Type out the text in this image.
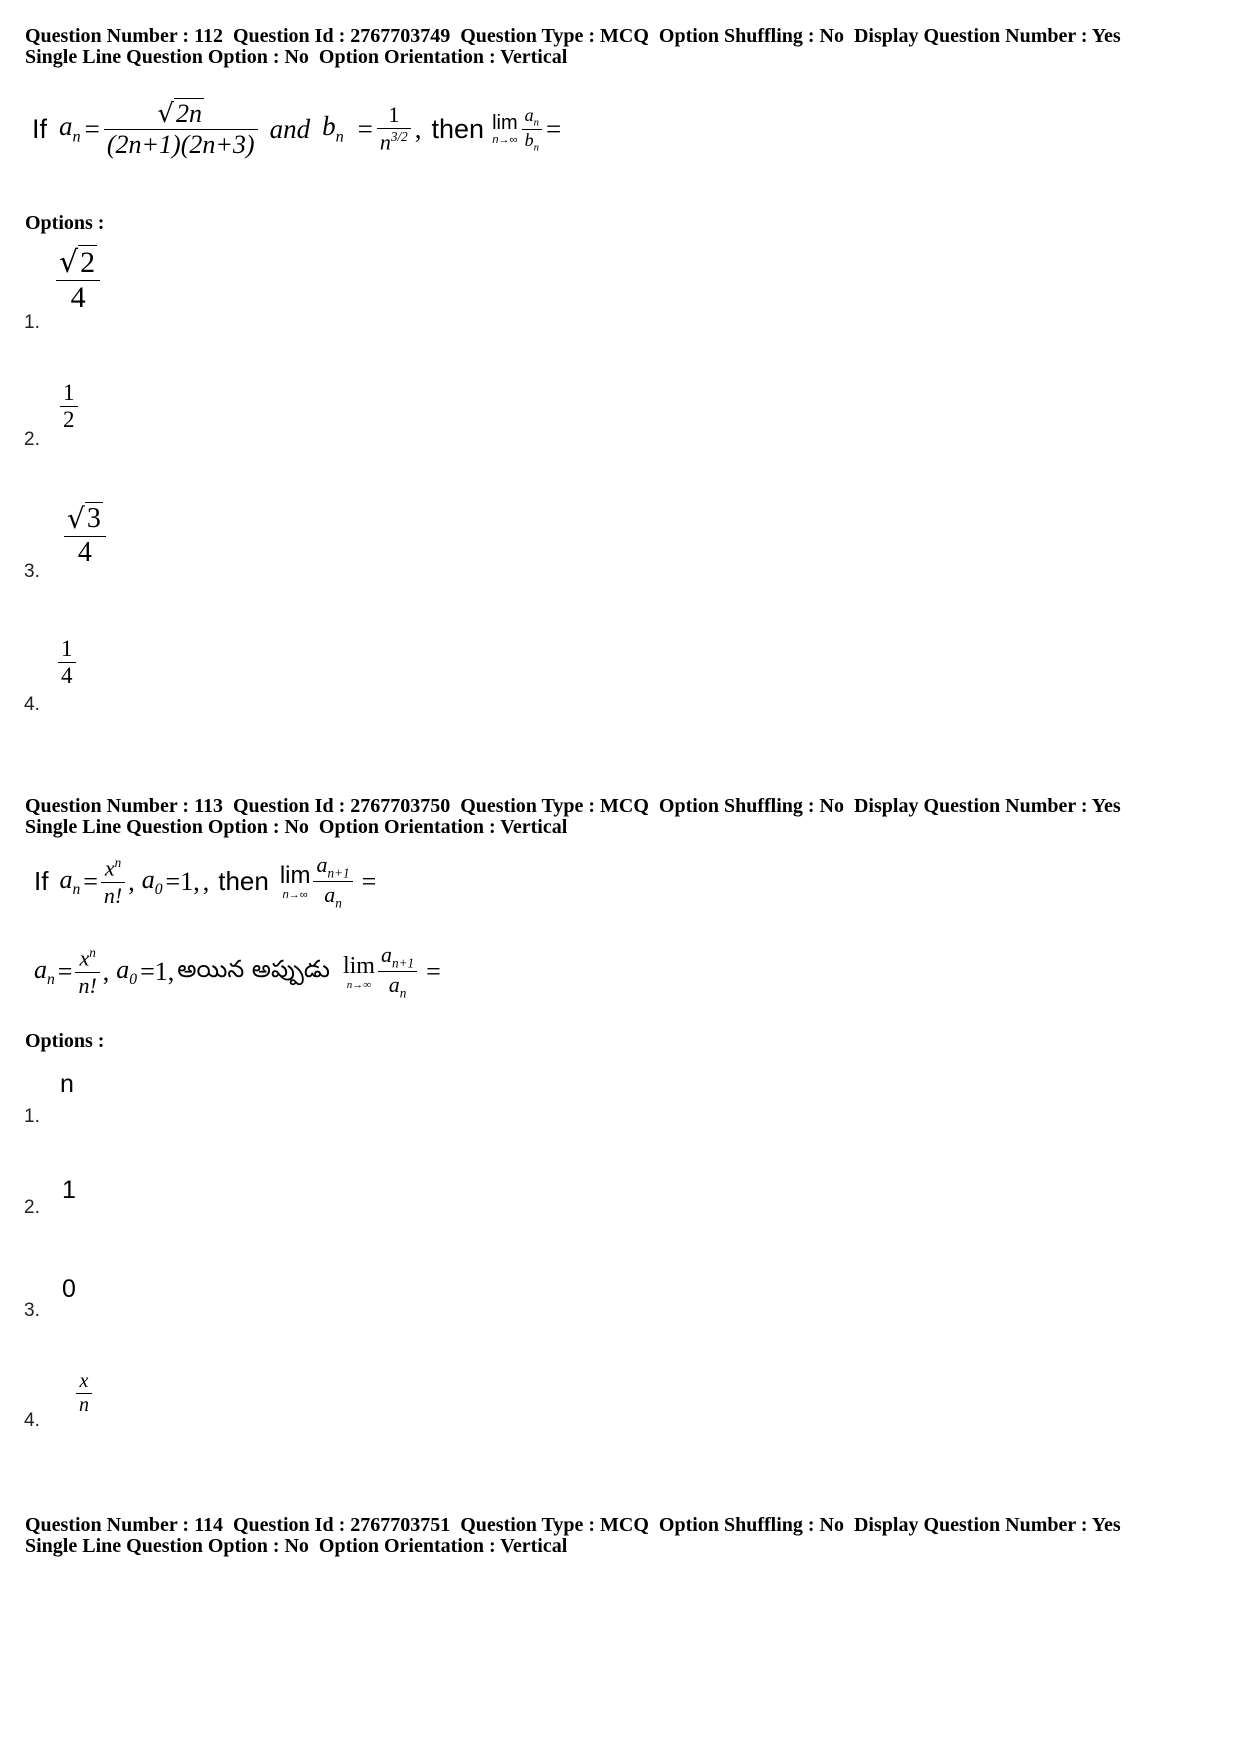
Question Number : 112  Question Id : 2767703749  Question Type : MCQ  Option Shuffling : No  Display Question Number : Yes
Single Line Question Option : No  Option Orientation : Vertical
If $a_n = \frac{√ 2n}{(2n+1)(2n+3)}$ and $b_n = \frac{1}{n^{3/2}}$ , then lim
$n\to\infty \frac{a_n}{b_n}$ =
Options :
1.
$\frac{√ 2}{4}$
2.
$\frac{1}{2}$
3.
$\frac{√ 3}{4}$
4.
$\frac{1}{4}$
Question Number : 113  Question Id : 2767703750  Question Type : MCQ  Option Shuffling : No  Display Question Number : Yes
Single Line Question Option : No  Option Orientation : Vertical
If $a_n = \frac{x^n}{n!}$ , $a_0 =1$, , then lim
$n\to\infty \frac{a_{n+1}}{a_n}$ =
$a_n = \frac{x^n}{n!}$ , $a_0 =1$, అయిన అప్పుడు lim
$n\to\infty \frac{a_{n+1}}{a_n}$ =
Options :
1.
n
2.
1
3.
0
4.
$\frac{x}{n}$
Question Number : 114  Question Id : 2767703751  Question Type : MCQ  Option Shuffling : No  Display Question Number : Yes
Single Line Question Option : No  Option Orientation : Vertical
